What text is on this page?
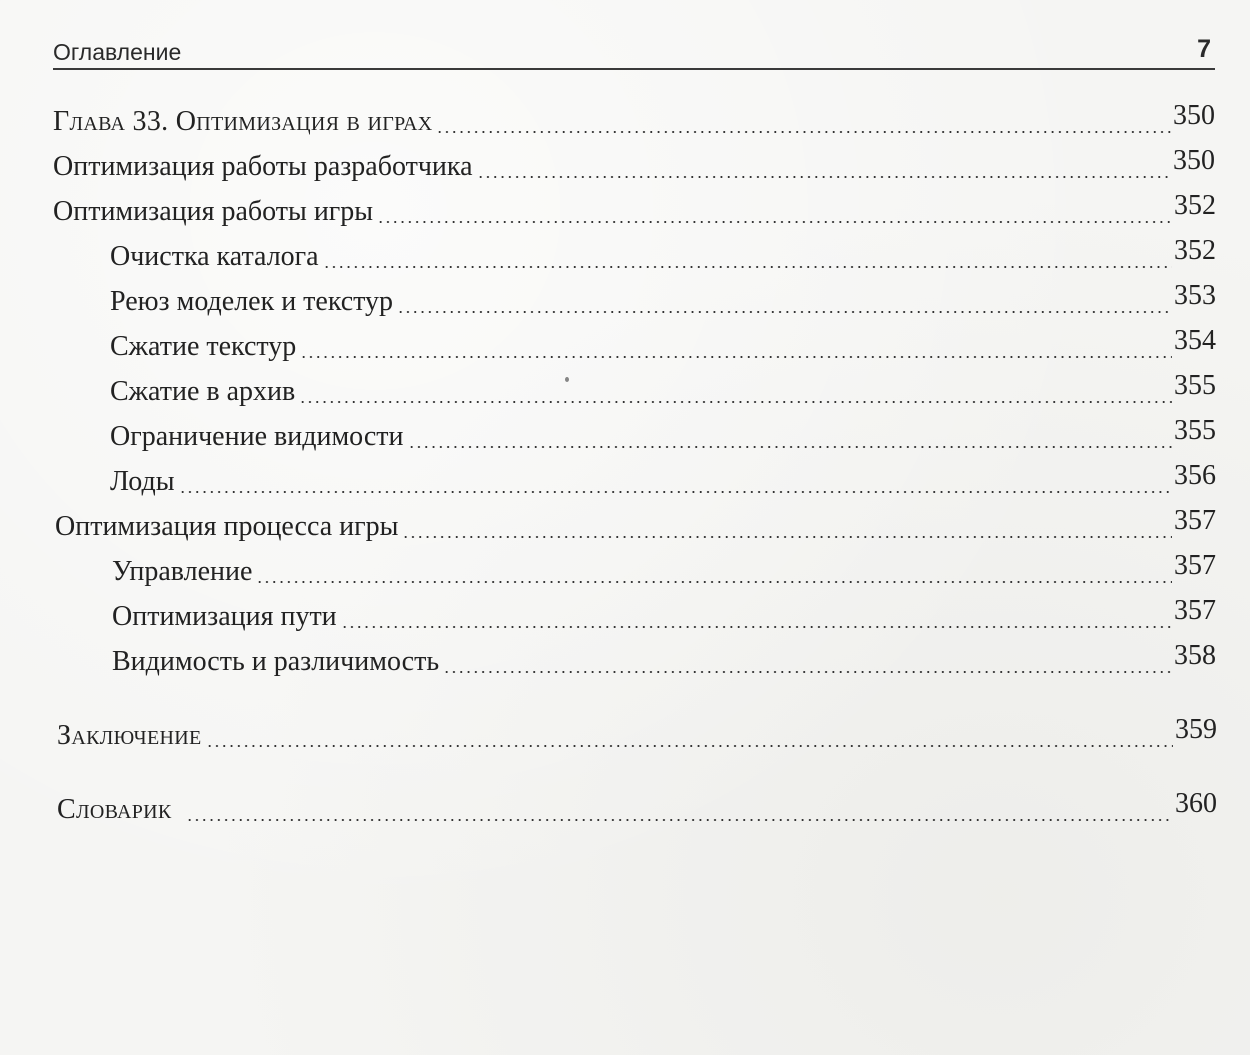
Оглавление	7
Глава 33. Оптимизация в играх	350
Оптимизация работы разработчика	350
Оптимизация работы игры	352
Очистка каталога	352
Реюз моделек и текстур	353
Сжатие текстур	354
Сжатие в архив	355
Ограничение видимости	355
Лоды	356
Оптимизация процесса игры	357
Управление	357
Оптимизация пути	357
Видимость и различимость	358
Заключение	359
Словарик	360
